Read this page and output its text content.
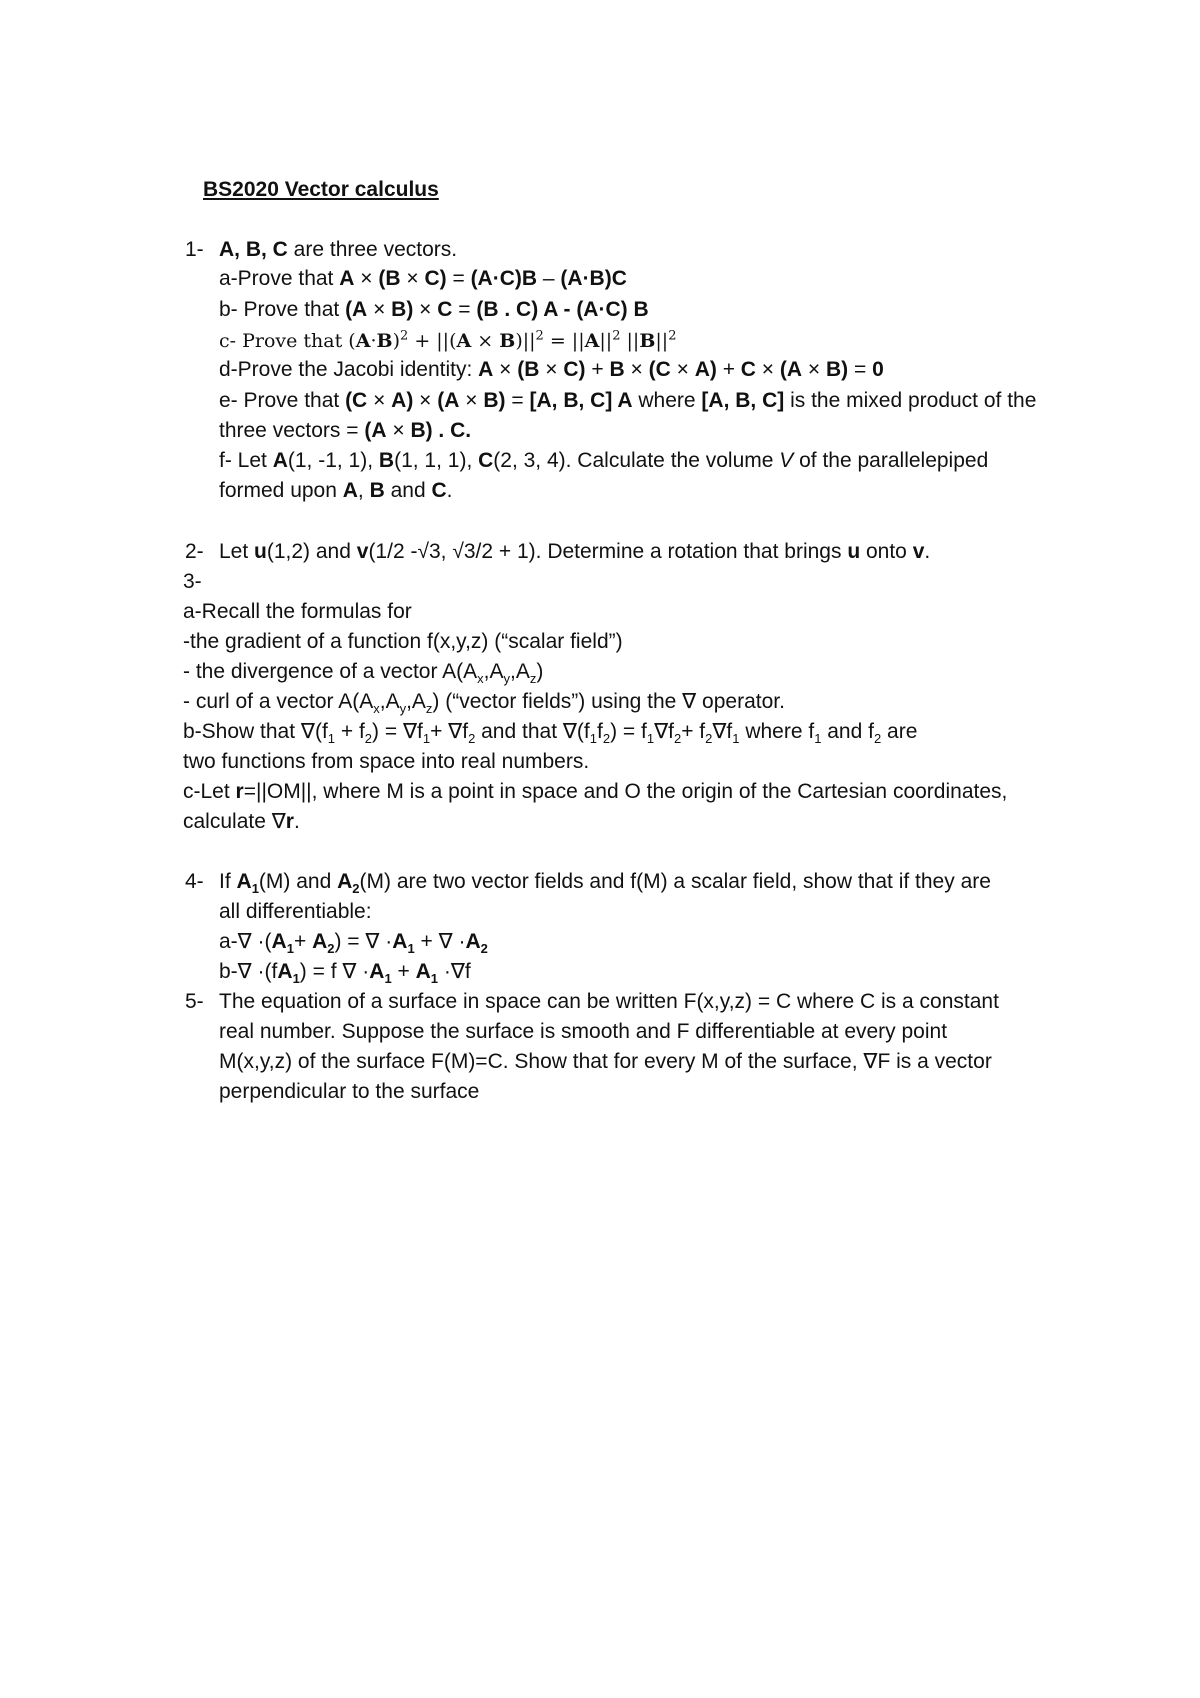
BS2020 Vector calculus
1- A, B, C are three vectors.
a-Prove that A × (B × C) = (A·C)B – (A·B)C
b- Prove that (A × B) × C = (B . C) A - (A·C) B
c- Prove that $(A\cdot B)^2 + ||(A \times B)||^2 = ||A||^2$ $||B||^2$
d-Prove the Jacobi identity: A × (B × C) + B × (C × A) + C × (A × B) = 0
e- Prove that (C × A) × (A × B) = [A, B, C] A where [A, B, C] is the mixed product of the
three vectors = (A × B) . C.
f- Let A(1, -1, 1), B(1, 1, 1), C(2, 3, 4). Calculate the volume V of the parallelepiped
formed upon A, B and C.
2- Let u(1,2) and v(1/2 -√3, √3/2 + 1). Determine a rotation that brings u onto v.
3-
a-Recall the formulas for
-the gradient of a function f(x,y,z) (“scalar field”)
- the divergence of a vector $A(A_x,A_y,A_z)$
- curl of a vector $A(A_x,A_y,A_z)$ (“vector fields”) using the ∇ operator.
b-Show that $\nabla(f_1 + f_2) = \nabla f_1+ \nabla f_2$ and that $\nabla(f_1f_2) = f_1\nabla f_2+ f_2\nabla f_1$ where $f_1$ and $f_2$ are
two functions from space into real numbers.
c-Let r=||OM||, where M is a point in space and O the origin of the Cartesian coordinates,
calculate ∇r.
4- If $A_1(M)$ and $A_2(M)$ are two vector fields and f(M) a scalar field, show that if they are
all differentiable:
$a-\nabla \cdot(A_1+ A_2)$ = ∇ $\cdot A_1$ + ∇ $\cdot A_2$
$b-\nabla \cdot(fA_1) = f$ ∇ $\cdot A_1 + A_1 \cdot\nabla f$
5- The equation of a surface in space can be written F(x,y,z) = C where C is a constant
real number. Suppose the surface is smooth and F differentiable at every point
M(x,y,z) of the surface F(M)=C. Show that for every M of the surface, ∇F is a vector
perpendicular to the surface
